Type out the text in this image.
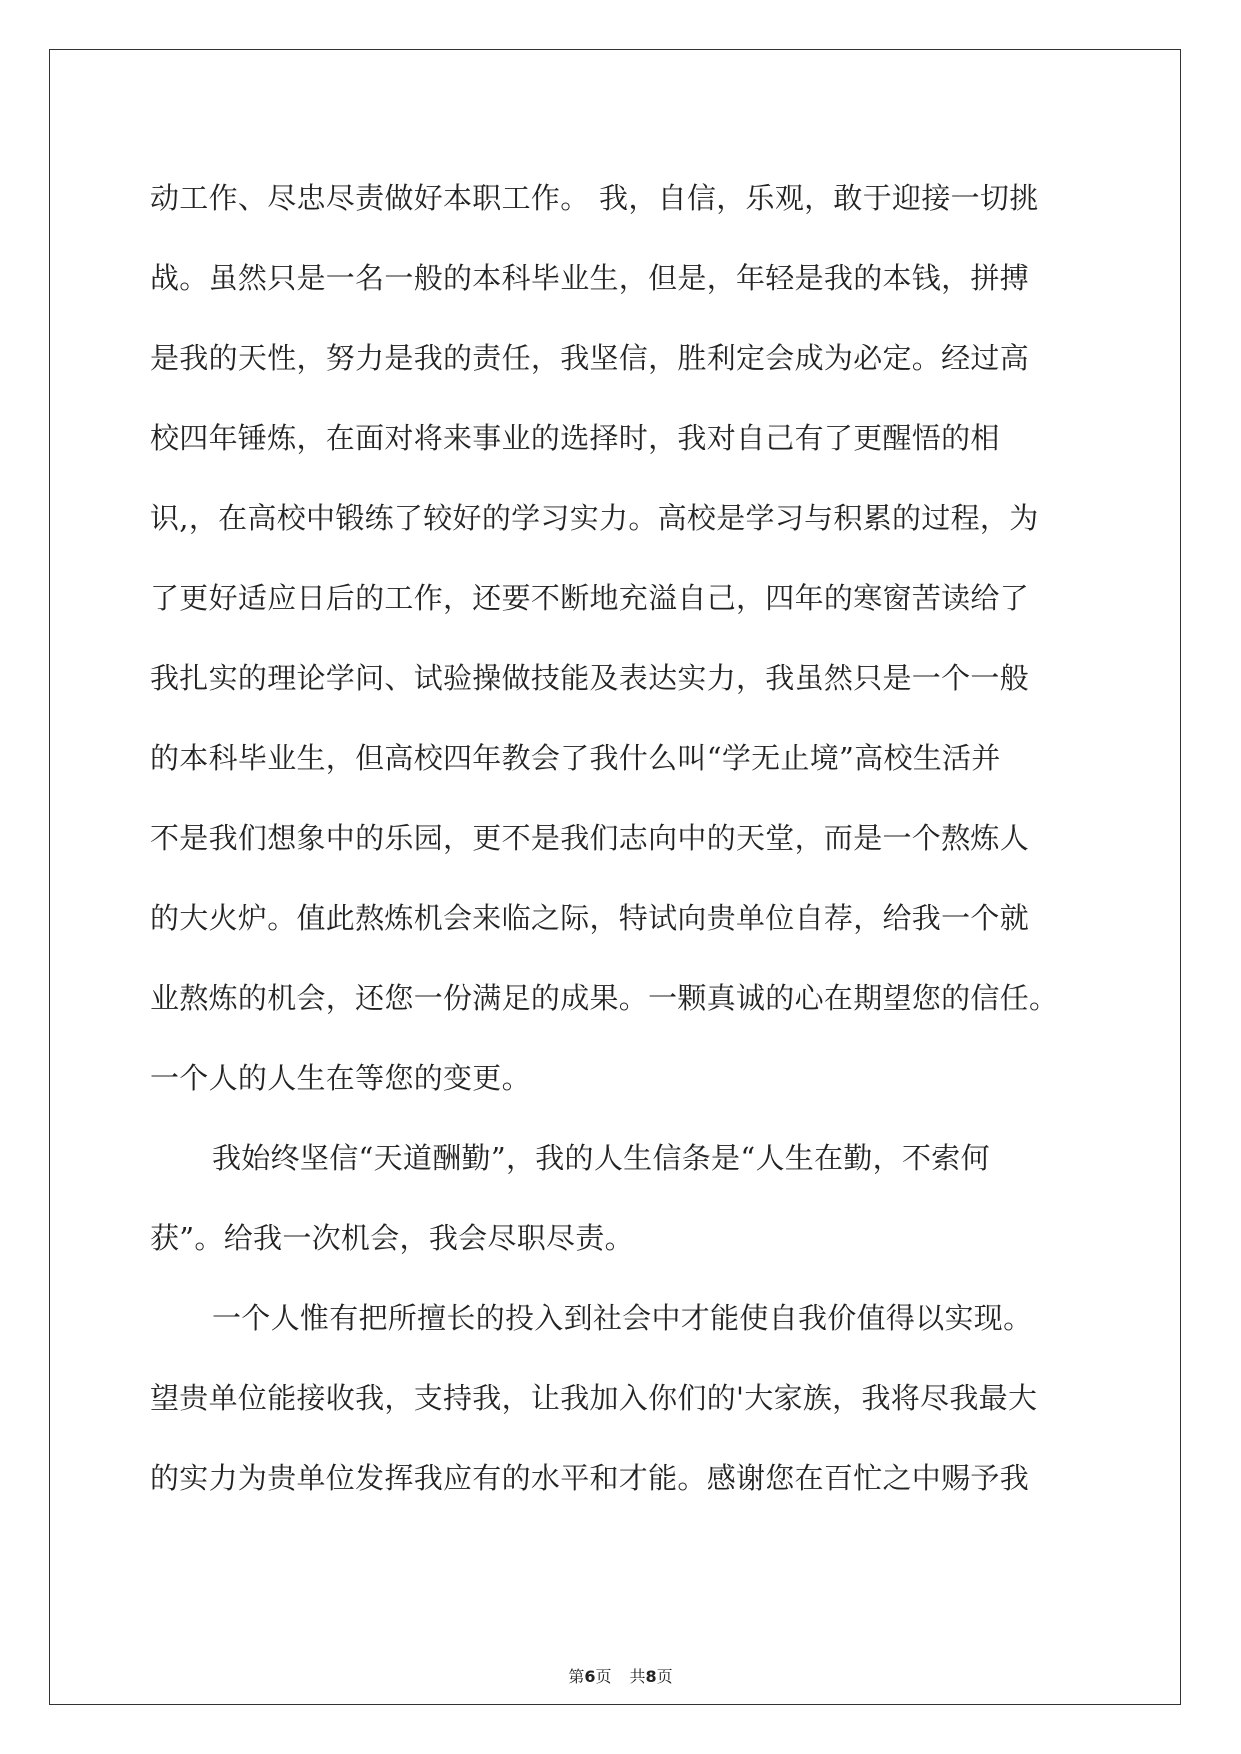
动工作、尽忠尽责做好本职工作。 我，自信，乐观，敢于迎接一切挑

战。虽然只是一名一般的本科毕业生，但是，年轻是我的本钱，拼搏

是我的天性，努力是我的责任，我坚信，胜利定会成为必定。经过高

校四年锤炼，在面对将来事业的选择时，我对自己有了更醒悟的相

识,，在高校中锻练了较好的学习实力。高校是学习与积累的过程，为

了更好适应日后的工作，还要不断地充溢自己，四年的寒窗苦读给了

我扎实的理论学问、试验操做技能及表达实力，我虽然只是一个一般

的本科毕业生，但高校四年教会了我什么叫“学无止境”高校生活并

不是我们想象中的乐园，更不是我们志向中的天堂，而是一个熬炼人

的大火炉。值此熬炼机会来临之际，特试向贵单位自荐，给我一个就

业熬炼的机会，还您一份满足的成果。一颗真诚的心在期望您的信任。

一个人的人生在等您的变更。

我始终坚信“天道酬勤”，我的人生信条是“人生在勤，不索何

获”。给我一次机会，我会尽职尽责。

一个人惟有把所擅长的投入到社会中才能使自我价值得以实现。

望贵单位能接收我，支持我，让我加入你们的'大家族，我将尽我最大

的实力为贵单位发挥我应有的水平和才能。感谢您在百忙之中赐予我

第6页 共8页
